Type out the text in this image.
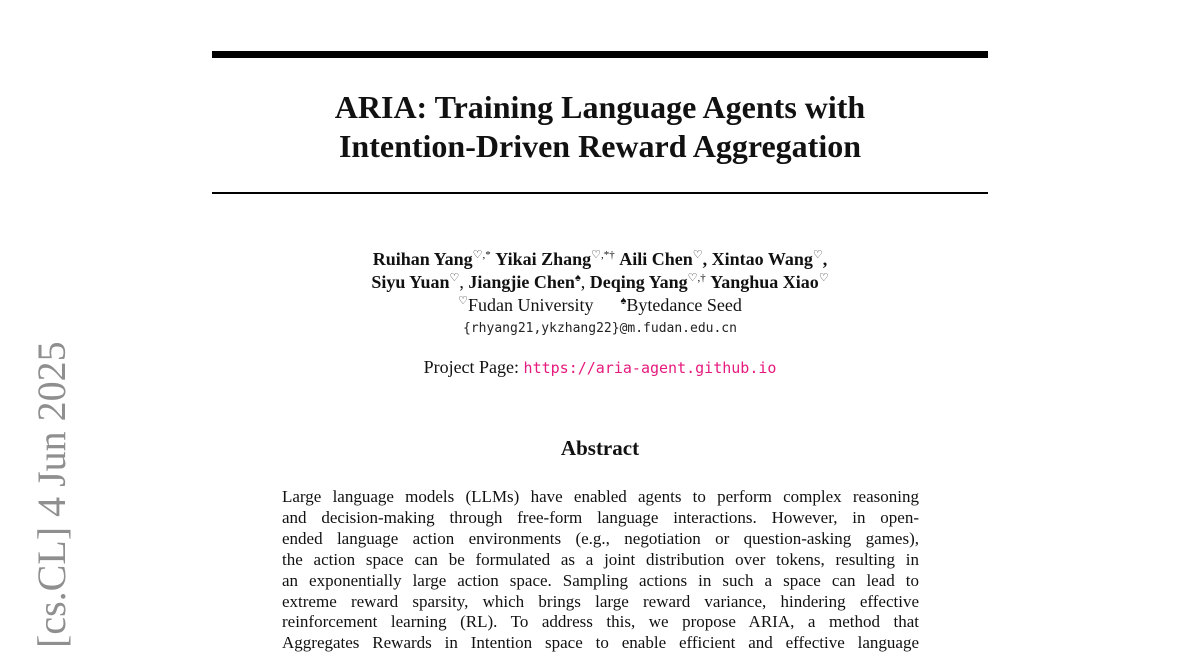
[cs.CL] 4 Jun 2025
ARIA: Training Language Agents with
Intention-Driven Reward Aggregation
Ruihan Yang♡,* Yikai Zhang♡,*† Aili Chen♡, Xintao Wang♡,
Siyu Yuan♡, Jiangjie Chen♠, Deqing Yang♡,† Yanghua Xiao♡
♡Fudan University ♠Bytedance Seed
{rhyang21,ykzhang22}@m.fudan.edu.cn
Project Page: https://aria-agent.github.io
Abstract
Large language models (LLMs) have enabled agents to perform complex reasoning
and decision-making through free-form language interactions. However, in open-
ended language action environments (e.g., negotiation or question-asking games),
the action space can be formulated as a joint distribution over tokens, resulting in
an exponentially large action space. Sampling actions in such a space can lead to
extreme reward sparsity, which brings large reward variance, hindering effective
reinforcement learning (RL). To address this, we propose ARIA, a method that
Aggregates Rewards in Intention space to enable efficient and effective language
